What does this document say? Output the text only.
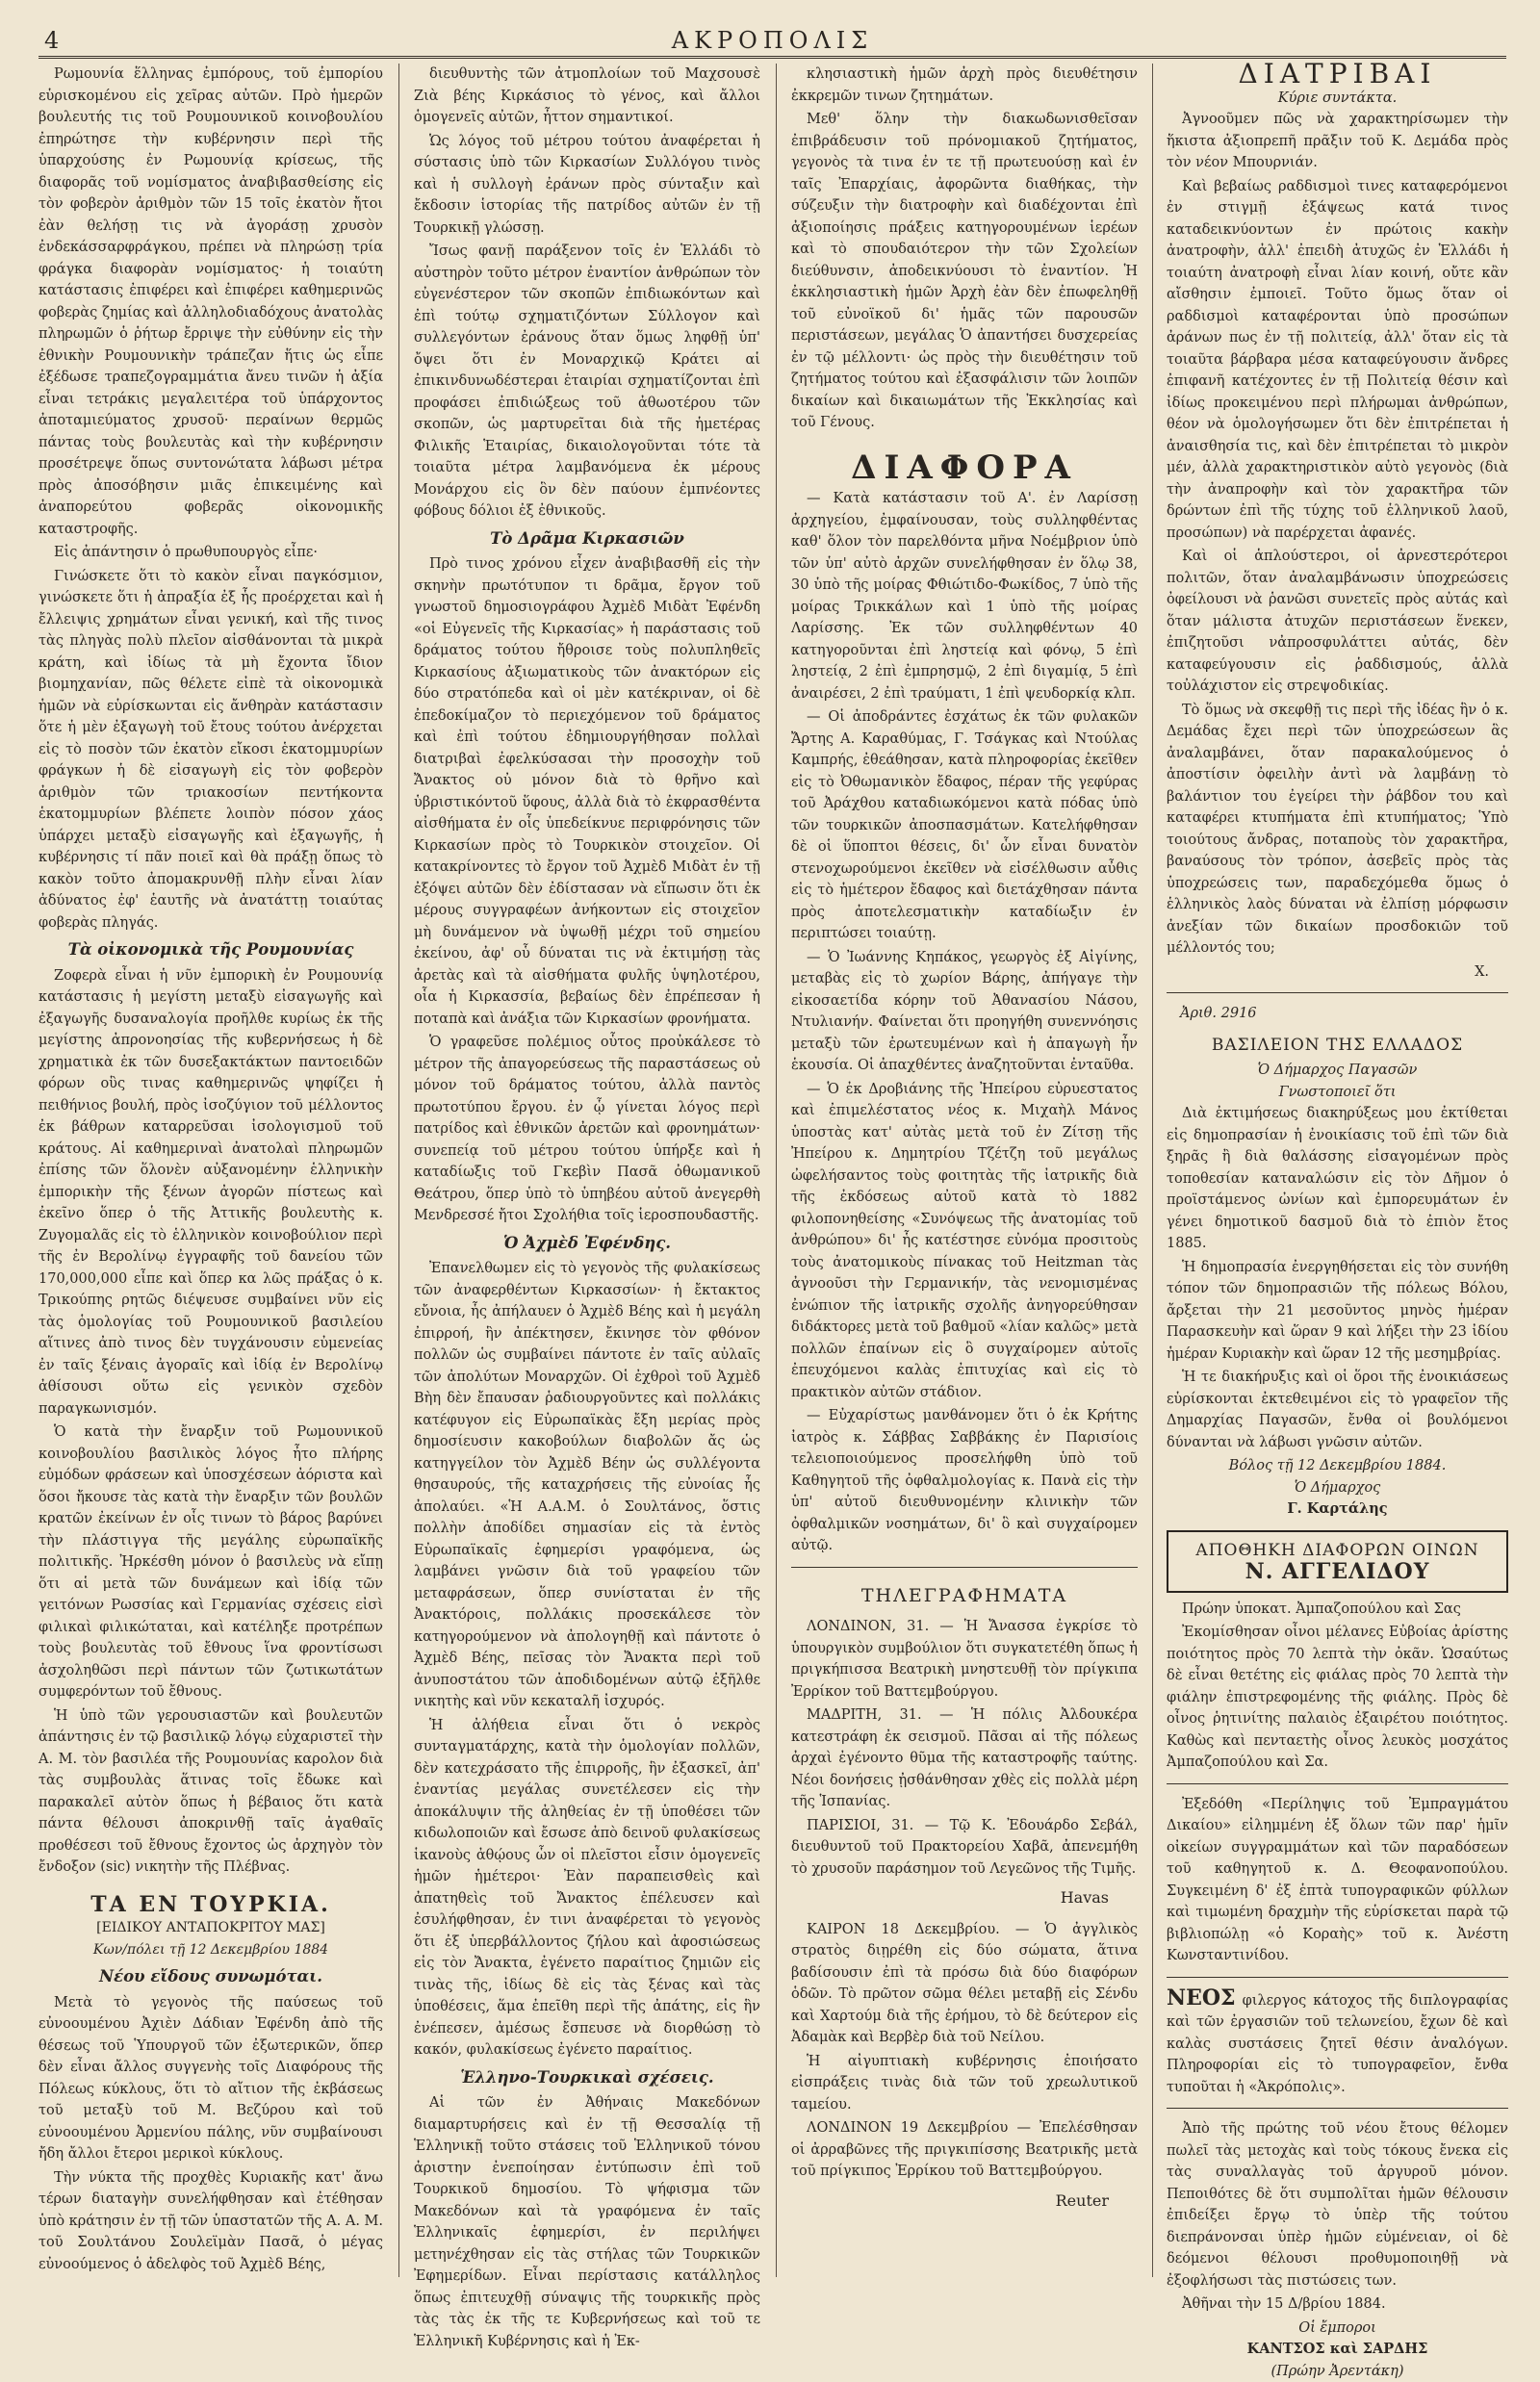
4	ΑΚΡΟΠΟΛΙΣ

Ρωμουνία ἕλληνας ἐμπόρους, τοῦ ἐμπορίου εὑρισκομένου εἰς χεῖρας αὐτῶν. Πρὸ ἡμερῶν βουλευτής τις τοῦ Ρουμουνικοῦ κοινοβουλίου ἐπηρώτησε τὴν κυβέρνησιν περὶ τῆς ὑπαρχούσης ἐν Ρωμουνίᾳ κρίσεως, τῆς διαφορᾶς τοῦ νομίσματος ἀναβιβασθείσης εἰς τὸν φοβερὸν ἀριθμὸν τῶν 15 τοῖς ἑκατὸν ἤτοι ἐὰν θελήσῃ τις νὰ ἀγοράσῃ χρυσὸν ἐνδεκάσσαρφράγκου, πρέπει νὰ πληρώσῃ τρία φράγκα διαφορὰν νομίσματος· ἡ τοιαύτη κατάστασις ἐπιφέρει καὶ ἐπιφέρει καθημερινῶς φοβερὰς ζημίας καὶ ἀλληλοδιαδόχους ἀνατολὰς πληρωμῶν ὁ ῥήτωρ ἔρριψε τὴν εὐθύνην εἰς τὴν ἐθνικὴν Ρουμουνικὴν τράπεζαν ἥτις ὡς εἶπε ἐξέδωσε τραπεζογραμμάτια ἄνευ τινῶν ἡ ἀξία εἶναι τετράκις μεγαλειτέρα τοῦ ὑπάρχοντος ἀποταμιεύματος χρυσοῦ· περαίνων θερμῶς πάντας τοὺς βουλευτὰς καὶ τὴν κυβέρνησιν προσέτρεψε ὅπως συντονώτατα λάβωσι μέτρα πρὸς ἀποσόβησιν μιᾶς ἐπικειμένης καὶ ἀναπορεύτου φοβερᾶς οἰκονομικῆς καταστροφῆς.

Εἰς ἀπάντησιν ὁ πρωθυπουργὸς εἶπε·

Γινώσκετε ὅτι τὸ κακὸν εἶναι παγκόσμιον, γινώσκετε ὅτι ἡ ἀπραξία ἐξ ἧς προέρχεται καὶ ἡ ἔλλειψις χρημάτων εἶναι γενική, καὶ τῆς τινος τὰς πληγὰς πολὺ πλεῖον αἰσθάνονται τὰ μικρὰ κράτη, καὶ ἰδίως τὰ μὴ ἔχοντα ἴδιον βιομηχανίαν, πῶς θέλετε εἰπὲ τὰ οἰκονομικὰ ἡμῶν νὰ εὑρίσκωνται εἰς ἄνθηρὰν κατάστασιν ὅτε ἡ μὲν ἐξαγωγὴ τοῦ ἔτους τούτου ἀνέρχεται εἰς τὸ ποσὸν τῶν ἑκατὸν εἴκοσι ἑκατομμυρίων φράγκων ἡ δὲ εἰσαγωγὴ εἰς τὸν φοβερὸν ἀριθμὸν τῶν τριακοσίων πεντήκοντα ἑκατομμυρίων βλέπετε λοιπὸν πόσον χάος ὑπάρχει μεταξὺ εἰσαγωγῆς καὶ ἐξαγωγῆς, ἡ κυβέρνησις τί πᾶν ποιεῖ καὶ θὰ πράξῃ ὅπως τὸ κακὸν τοῦτο ἀπομακρυνθῇ πλὴν εἶναι λίαν ἀδύνατος ἐφ' ἑαυτῆς νὰ ἀνατάττῃ τοιαύτας φοβερὰς πληγάς.

Τὰ οἰκονομικὰ τῆς Ρουμουνίας

Ζοφερὰ εἶναι ἡ νῦν ἐμπορικὴ ἐν Ρουμουνίᾳ κατάστασις ἡ μεγίστη μεταξὺ εἰσαγωγῆς καὶ ἐξαγωγῆς δυσαναλογία προῆλθε κυρίως ἐκ τῆς μεγίστης ἀπρονοησίας τῆς κυβερνήσεως ἡ δὲ χρηματικὰ ἐκ τῶν δυσεξακτάκτων παντοειδῶν φόρων οὓς τινας καθημερινῶς ψηφίζει ἡ πειθήνιος βουλή, πρὸς ἰσοζύγιον τοῦ μέλλοντος ἐκ βάθρων καταρρεῦσαι ἰσολογισμοῦ τοῦ κράτους. Αἱ καθημεριναὶ ἀνατολαὶ πληρωμῶν ἐπίσης τῶν ὅλονὲν αὐξανομένην ἑλληνικὴν ἐμπορικὴν τῆς ξένων ἀγορῶν πίστεως καὶ ἐκεῖνο ὅπερ ὁ τῆς Ἀττικῆς βουλευτὴς κ. Ζυγομαλᾶς εἰς τὸ ἑλληνικὸν κοινοβούλιον περὶ τῆς ἐν Βερολίνῳ ἐγγραφῆς τοῦ δανείου τῶν 170,000,000 εἶπε καὶ ὅπερ κα λῶς πράξας ὁ κ. Τρικούπης ρητῶς διέψευσε συμβαίνει νῦν εἰς τὰς ὁμολογίας τοῦ Ρουμουνικοῦ βασιλείου αἵτινες ἀπὸ τινος δὲν τυγχάνουσιν εὐμενείας ἐν ταῖς ξέναις ἀγοραῖς καὶ ἰδίᾳ ἐν Βερολίνῳ ἀθίσουσι οὕτω εἰς γενικὸν σχεδὸν παραγκωνισμόν.

Ὁ κατὰ τὴν ἔναρξιν τοῦ Ρωμουνικοῦ κοινοβουλίου βασιλικὸς λόγος ἦτο πλήρης εὐμόδων φράσεων καὶ ὑποσχέσεων ἀόριστα καὶ ὅσοι ἤκουσε τὰς κατὰ τὴν ἔναρξιν τῶν βουλῶν κρατῶν ἐκείνων ἐν οἷς τινων τὸ βάρος βαρύνει τὴν πλάστιγγα τῆς μεγάλης εὐρωπαϊκῆς πολιτικῆς. Ἠρκέσθη μόνον ὁ βασιλεὺς νὰ εἴπῃ ὅτι αἱ μετὰ τῶν δυνάμεων καὶ ἰδίᾳ τῶν γειτόνων Ρωσσίας καὶ Γερμανίας σχέσεις εἰσὶ φιλικαὶ φιλικώταται, καὶ κατέληξε προτρέπων τοὺς βουλευτὰς τοῦ ἔθνους ἵνα φροντίσωσι ἀσχοληθῶσι περὶ πάντων τῶν ζωτικωτάτων συμφερόντων τοῦ ἔθνους.

Ἡ ὑπὸ τῶν γερουσιαστῶν καὶ βουλευτῶν ἀπάντησις ἐν τῷ βασιλικῷ λόγῳ εὐχαριστεῖ τὴν Α. Μ. τὸν βασιλέα τῆς Ρουμουνίας καρολον διὰ τὰς συμβουλὰς ἅτινας τοῖς ἔδωκε καὶ παρακαλεῖ αὐτὸν ὅπως ἡ βέβαιος ὅτι κατὰ πάντα θέλουσι ἀποκρινθῇ ταῖς ἀγαθαῖς προθέσεσι τοῦ ἔθνους ἔχοντος ὡς ἀρχηγὸν τὸν ἔνδοξον (sic) νικητὴν τῆς Πλέβνας.

ΤΑ ΕΝ ΤΟΥΡΚΙΑ.
[ΕΙΔΙΚΟΥ ΑΝΤΑΠΟΚΡΙΤΟΥ ΜΑΣ]
Κων/πόλει τῇ 12 Δεκεμβρίου 1884
Νέου εἴδους συνωμόται.

Μετὰ τὸ γεγονὸς τῆς παύσεως τοῦ εὐνοουμένου Ἀχιὲν Δάδιαν Ἐφένδη ἀπὸ τῆς θέσεως τοῦ Ὑπουργοῦ τῶν ἐξωτερικῶν, ὅπερ δὲν εἶναι ἄλλος συγγενὴς τοῖς Διαφόρους τῆς Πόλεως κύκλους, ὅτι τὸ αἴτιον τῆς ἐκβάσεως τοῦ μεταξὺ τοῦ Μ. Βεζύρου καὶ τοῦ εὐνοουμένου Ἀρμενίου πάλης, νῦν συμβαίνουσι ἤδη ἄλλοι ἔτεροι μερικοὶ κύκλους.

Τὴν νύκτα τῆς προχθὲς Κυριακῆς κατ' ἄνω τέρων διαταγὴν συνελήφθησαν καὶ ἐτέθησαν ὑπὸ κράτησιν ἐν τῇ τῶν ὑπαστατῶν τῆς Α. Α. Μ. τοῦ Σουλτάνου Σουλεϊμὰν Πασᾶ, ὁ μέγας εὐνοούμενος ὁ ἀδελφὸς τοῦ Ἀχμὲδ Βέης,

διευθυντὴς τῶν ἀτμοπλοίων τοῦ Μαχσουσὲ Ζιὰ βέης Κιρκάσιος τὸ γένος, καὶ ἄλλοι ὁμογενεῖς αὐτῶν, ἧττον σημαντικοί.

Ὡς λόγος τοῦ μέτρου τούτου ἀναφέρεται ἡ σύστασις ὑπὸ τῶν Κιρκασίων Συλλόγου τινὸς καὶ ἡ συλλογὴ ἐράνων πρὸς σύνταξιν καὶ ἔκδοσιν ἱστορίας τῆς πατρίδος αὐτῶν ἐν τῇ Τουρκικῇ γλώσσῃ.

Ἴσως φανῇ παράξενον τοῖς ἐν Ἑλλάδι τὸ αὐστηρὸν τοῦτο μέτρον ἐναντίον ἀνθρώπων τὸν εὐγενέστερον τῶν σκοπῶν ἐπιδιωκόντων καὶ ἐπὶ τούτῳ σχηματιζόντων Σύλλογον καὶ συλλεγόντων ἐράνους ὅταν ὅμως ληφθῇ ὑπ' ὄψει ὅτι ἐν Μοναρχικῷ Κράτει αἱ ἐπικινδυνωδέστεραι ἑταιρίαι σχηματίζονται ἐπὶ προφάσει ἐπιδιώξεως τοῦ ἀθωοτέρου τῶν σκοπῶν, ὡς μαρτυρεῖται διὰ τῆς ἡμετέρας Φιλικῆς Ἑταιρίας, δικαιολογοῦνται τότε τὰ τοιαῦτα μέτρα λαμβανόμενα ἐκ μέρους Μονάρχου εἰς ὃν δὲν παύουν ἐμπνέοντες φόβους δόλιοι ἐξ ἐθνικοῦς.

Τὸ Δρᾶμα Κιρκασιῶν

Πρὸ τινος χρόνου εἶχεν ἀναβιβασθῆ εἰς τὴν σκηνὴν πρωτότυπον τι δρᾶμα, ἔργον τοῦ γνωστοῦ δημοσιογράφου Ἀχμὲδ Μιδὰτ Ἐφένδη «οἱ Εὐγενεῖς τῆς Κιρκασίας» ἡ παράστασις τοῦ δράματος τούτου ἤθροισε τοὺς πολυπληθεῖς Κιρκασίους ἀξιωματικοὺς τῶν ἀνακτόρων εἰς δύο στρατόπεδα καὶ οἱ μὲν κατέκριναν, οἱ δὲ ἐπεδοκίμαζον τὸ περιεχόμενον τοῦ δράματος καὶ ἐπὶ τούτου ἐδημιουργήθησαν πολλαὶ διατριβαὶ ἐφελκύσασαι τὴν προσοχὴν τοῦ Ἄνακτος οὐ μόνον διὰ τὸ θρῆνο καὶ ὑβριστικόντοῦ ὕφους, ἀλλὰ διὰ τὸ ἐκφρασθέντα αἰσθήματα ἐν οἷς ὑπεδείκνυε περιφρόνησις τῶν Κιρκασίων πρὸς τὸ Τουρκικὸν στοιχεῖον. Οἱ κατακρίνοντες τὸ ἔργον τοῦ Ἀχμὲδ Μιδὰτ ἐν τῇ ἐξόψει αὐτῶν δὲν ἐδίστασαν νὰ εἴπωσιν ὅτι ἐκ μέρους συγγραφέων ἀνήκοντων εἰς στοιχεῖον μὴ δυνάμενον νὰ ὑψωθῇ μέχρι τοῦ σημείου ἐκείνου, ἀφ' οὗ δύναται τις νὰ ἐκτιμήσῃ τὰς ἀρετὰς καὶ τὰ αἰσθήματα φυλῆς ὑψηλοτέρου, οἷα ἡ Κιρκασσία, βεβαίως δὲν ἐπρέπεσαν ἡ ποταπὰ καὶ ἀνάξια τῶν Κιρκασίων φρονήματα.

Ὁ γραφεῦσε πολέμιος οὗτος προὐκάλεσε τὸ μέτρον τῆς ἀπαγορεύσεως τῆς παραστάσεως οὐ μόνον τοῦ δράματος τούτου, ἀλλὰ παντὸς πρωτοτύπου ἔργου. ἐν ᾧ γίνεται λόγος περὶ πατρίδος καὶ ἐθνικῶν ἀρετῶν καὶ φρονημάτων· συνεπείᾳ τοῦ μέτρου τούτου ὑπήρξε καὶ ἡ καταδίωξις τοῦ Γκεβὶν Πασᾶ ὀθωμανικοῦ Θεάτρου, ὅπερ ὑπὸ τὸ ὑπηβέου αὐτοῦ ἀνεγερθὴ Μενδρεσσέ ἤτοι Σχολήθια τοῖς ἱεροσπουδαστῆς.

Ὁ Ἀχμὲδ Ἐφένδης.

Ἐπανελθωμεν εἰς τὸ γεγονὸς τῆς φυλακίσεως τῶν ἀναφερθέντων Κιρκασσίων· ἡ ἔκτακτος εὔνοια, ἧς ἀπήλαυεν ὁ Ἀχμὲδ Βέης καὶ ἡ μεγάλη ἐπιρροή, ἣν ἀπέκτησεν, ἔκινησε τὸν φθόνον πολλῶν ὡς συμβαίνει πάντοτε ἐν ταῖς αὐλαῖς τῶν ἀπολύτων Μοναρχῶν. Οἱ ἐχθροὶ τοῦ Ἀχμὲδ Βὴη δὲν ἔπαυσαν ῥαδιουργοῦντες καὶ πολλάκις κατέφυγον εἰς Εὐρωπαϊκὰς ἔξη μερίας πρὸς δημοσίευσιν κακοβούλων διαβολῶν ἄς ὡς κατηγγείλον τὸν Ἀχμὲδ Βέην ὡς συλλέγοντα θησαυρούς, τῆς καταχρήσεις τῆς εὐνοίας ἧς ἀπολαύει. «Ἡ Α.Α.Μ. ὁ Σουλτάνος, ὅστις πολλὴν ἀποδίδει σημασίαν εἰς τὰ ἐντὸς Εὐρωπαϊκαῖς ἐφημερίσι γραφόμενα, ὡς λαμβάνει γνῶσιν διὰ τοῦ γραφείου τῶν μεταφράσεων, ὅπερ συνίσταται ἐν τῆς Ἀνακτόροις, πολλάκις προσεκάλεσε τὸν κατηγορούμενον νὰ ἀπολογηθῇ καὶ πάντοτε ὁ Ἀχμὲδ Βέης, πεῖσας τὸν Ἄνακτα περὶ τοῦ ἀνυποστάτου τῶν ἀποδιδομένων αὐτῷ ἐξῆλθε νικητὴς καὶ νῦν κεκαταλῆ ἰσχυρός.

Ἡ ἀλήθεια εἶναι ὅτι ὁ νεκρὸς συνταγματάρχης, κατὰ τὴν ὁμολογίαν πολλῶν, δὲν κατεχράσατο τῆς ἐπιρροῆς, ἣν ἐξασκεῖ, ἀπ' ἐναντίας μεγάλας συνετέλεσεν εἰς τὴν ἀποκάλυψιν τῆς ἀληθείας ἐν τῇ ὑποθέσει τῶν κιδωλοποιῶν καὶ ἔσωσε ἀπὸ δεινοῦ φυλακίσεως ἱκανοὺς ἀθῴους ὧν οἱ πλεῖστοι εἶσιν ὁμογενεῖς ἡμῶν ἡμέτεροι· Ἐὰν παραπεισθεὶς καὶ ἀπατηθεὶς τοῦ Ἄνακτος ἐπέλευσεν καὶ ἐσυλήφθησαν, ἐν τινι ἀναφέρεται τὸ γεγονὸς ὅτι ἐξ ὑπερβάλλοντος ζήλου καὶ ἀφοσιώσεως εἰς τὸν Ἄνακτα, ἐγένετο παραίτιος ζημιῶν εἰς τινὰς τῆς, ἰδίως δὲ εἰς τὰς ξένας καὶ τὰς ὑποθέσεις, ἅμα ἐπεῖθη περὶ τῆς ἀπάτης, εἰς ἣν ἐνέπεσεν, ἀμέσως ἔσπευσε νὰ διορθώσῃ τὸ κακόν, φυλακίσεως ἐγένετο παραίτιος.

Ἑλληνο-Τουρκικαὶ σχέσεις.

Αἱ τῶν ἐν Ἀθήναις Μακεδόνων διαμαρτυρήσεις καὶ ἐν τῇ Θεσσαλίᾳ τῇ Ἑλληνικῇ τοῦτο στάσεις τοῦ Ἑλληνικοῦ τόνου ἀριστην ἐνεποίησαν ἐντύπωσιν ἐπὶ τοῦ Τουρκικοῦ δημοσίου. Τὸ ψήφισμα τῶν Μακεδόνων καὶ τὰ γραφόμενα ἐν ταῖς Ἑλληνικαῖς ἐφημερίσι, ἐν περιλήψει μετηνέχθησαν εἰς τὰς στήλας τῶν Τουρκικῶν Ἐφημερίδων. Εἶναι περίστασις κατάλληλος ὅπως ἐπιτευχθῇ σύναψις τῆς τουρκικῆς πρὸς τὰς τὰς ἐκ τῆς τε Κυβερνήσεως καὶ τοῦ τε Ἑλληνικῆ Κυβέρνησις καὶ ἡ Ἐκ-

κλησιαστικὴ ἡμῶν ἀρχὴ πρὸς διευθέτησιν ἐκκρεμῶν τινων ζητημάτων.

Μεθ' ὅλην τὴν διακωδωνισθεῖσαν ἐπιβράδευσιν τοῦ πρόνομιακοῦ ζητήματος, γεγονὸς τὰ τινα ἐν τε τῇ πρωτευούσῃ καὶ ἐν ταῖς Ἐπαρχίαις, ἀφορῶντα διαθήκας, τὴν σύζευξιν τὴν διατροφὴν καὶ διαδέχονται ἐπὶ ἀξιοποίησις πράξεις κατηγορουμένων ἱερέων καὶ τὸ σπουδαιότερον τὴν τῶν Σχολείων διεύθυνσιν, ἀποδεικνύουσι τὸ ἐναντίον. Ἡ ἐκκλησιαστικὴ ἡμῶν Ἀρχὴ ἐὰν δὲν ἐπωφεληθῇ τοῦ εὐνοϊκοῦ δι' ἡμᾶς τῶν παρουσῶν περιστάσεων, μεγάλας Ὁ ἀπαντήσει δυσχερείας ἐν τῷ μέλλοντι· ὡς πρὸς τὴν διευθέτησιν τοῦ ζητήματος τούτου καὶ ἐξασφάλισιν τῶν λοιπῶν δικαίων καὶ δικαιωμάτων τῆς Ἐκκλησίας καὶ τοῦ Γένους.

ΔΙΑΦΟΡΑ

— Κατὰ κατάστασιν τοῦ Α'. ἐν Λαρίσσῃ ἀρχηγείου, ἐμφαίνουσαν, τοὺς συλληφθέντας καθ' ὅλον τὸν παρελθόντα μῆνα Νοέμβριον ὑπὸ τῶν ὑπ' αὐτὸ ἀρχῶν συνελήφθησαν ἐν ὅλῳ 38, 30 ὑπὸ τῆς μοίρας Φθιώτιδο-Φωκίδος, 7 ὑπὸ τῆς μοίρας Τρικκάλων καὶ 1 ὑπὸ τῆς μοίρας Λαρίσσης. Ἐκ τῶν συλληφθέντων 40 κατηγοροῦνται ἐπὶ ληστείᾳ καὶ φόνῳ, 5 ἐπὶ ληστείᾳ, 2 ἐπὶ ἐμπρησμῷ, 2 ἐπὶ διγαμίᾳ, 5 ἐπὶ ἀναιρέσει, 2 ἐπὶ τραύματι, 1 ἐπὶ ψευδορκίᾳ κλπ.

— Οἱ ἀποδράντες ἐσχάτως ἐκ τῶν φυλακῶν Ἄρτης Α. Καραθύμας, Γ. Τσάγκας καὶ Ντούλας Καμπρής, ἐθεάθησαν, κατὰ πληροφορίας ἐκεῖθεν εἰς τὸ Ὀθωμανικὸν ἔδαφος, πέραν τῆς γεφύρας τοῦ Ἀράχθου καταδιωκόμενοι κατὰ πόδας ὑπὸ τῶν τουρκικῶν ἀποσπασμάτων. Κατελήφθησαν δὲ οἱ ὕποπτοι θέσεις, δι' ὧν εἶναι δυνατὸν στενοχωρούμενοι ἐκεῖθεν νὰ εἰσέλθωσιν αὖθις εἰς τὸ ἡμέτερον ἔδαφος καὶ διετάχθησαν πάντα πρὸς ἀποτελεσματικὴν καταδίωξιν ἐν περιπτώσει τοιαύτῃ.

— Ὁ Ἰωάννης Κηπάκος, γεωργὸς ἐξ Αἰγίνης, μεταβὰς εἰς τὸ χωρίον Βάρης, ἀπήγαγε τὴν εἰκοσαετίδα κόρην τοῦ Ἀθανασίου Νάσου, Ντυλιανήν. Φαίνεται ὅτι προηγήθη συνεννόησις μεταξὺ τῶν ἐρωτευμένων καὶ ἡ ἀπαγωγὴ ἦν ἑκουσία. Οἱ ἀπαχθέντες ἀναζητοῦνται ἐνταῦθα.

— Ὁ ἐκ Δροβιάνης τῆς Ἠπείρου εὐρυεστατος καὶ ἐπιμελέστατος νέος κ. Μιχαὴλ Μάνος ὑποστὰς κατ' αὐτὰς μετὰ τοῦ ἐν Ζίτσῃ τῆς Ἠπείρου κ. Δημητρίου Τζέτζη τοῦ μεγάλως ὠφελήσαντος τοὺς φοιτητὰς τῆς ἰατρικῆς διὰ τῆς ἐκδόσεως αὐτοῦ κατὰ τὸ 1882 φιλοπονηθείσης «Συνόψεως τῆς ἀνατομίας τοῦ ἀνθρώπου» δι' ἧς κατέστησε εὐνόμα προσιτοὺς τοὺς ἀνατομικοὺς πίνακας τοῦ Heitzman τὰς ἀγνοοῦσι τὴν Γερμανικήν, τὰς νενομισμένας ἐνώπιον τῆς ἰατρικῆς σχολῆς ἀνηγορεύθησαν διδάκτορες μετὰ τοῦ βαθμοῦ «λίαν καλῶς» μετὰ πολλῶν ἐπαίνων εἰς ὃ συγχαίρομεν αὐτοῖς ἐπευχόμενοι καλὰς ἐπιτυχίας καὶ εἰς τὸ πρακτικὸν αὐτῶν στάδιον.

— Εὐχαρίστως μανθάνομεν ὅτι ὁ ἐκ Κρήτης ἰατρὸς κ. Σάββας Σαββάκης ἐν Παρισίοις τελειοποιούμενος προσελήφθη ὑπὸ τοῦ Καθηγητοῦ τῆς ὀφθαλμολογίας κ. Πανὰ εἰς τὴν ὑπ' αὐτοῦ διευθυνομένην κλινικὴν τῶν ὀφθαλμικῶν νοσημάτων, δι' ὃ καὶ συγχαίρομεν αὐτῷ.

ΤΗΛΕΓΡΑΦΗΜΑΤΑ

ΛΟΝΔΙΝΟΝ, 31. — Ἡ Ἄνασσα ἐγκρίσε τὸ ὑπουργικὸν συμβούλιον ὅτι συγκατετέθη ὅπως ἡ πριγκήπισσα Βεατρικὴ μνηστευθῇ τὸν πρίγκιπα Ἐρρίκον τοῦ Βαττεμβούργου.

ΜΑΔΡΙΤΗ, 31. — Ἡ πόλις Ἀλδουκέρα κατεστράφη ἐκ σεισμοῦ. Πᾶσαι αἱ τῆς πόλεως ἀρχαὶ ἐγένοντο θῦμα τῆς καταστροφῆς ταύτης. Νέοι δονήσεις ᾐσθάνθησαν χθὲς εἰς πολλὰ μέρη τῆς Ἱσπανίας.

ΠΑΡΙΣΙΟΙ, 31. — Τῷ Κ. Ἐδουάρδο Σεβάλ, διευθυντοῦ τοῦ Πρακτορείου Χαβᾶ, ἀπενεμήθη τὸ χρυσοῦν παράσημον τοῦ Λεγεῶνος τῆς Τιμῆς.

Havas

ΚΑΙΡΟΝ 18 Δεκεμβρίου. — Ὁ ἀγγλικὸς στρατὸς διῃρέθη εἰς δύο σώματα, ἅτινα βαδίσουσιν ἐπὶ τὰ πρόσω διὰ δύο διαφόρων ὁδῶν. Τὸ πρῶτον σῶμα θέλει μεταβῇ εἰς Σένδυ καὶ Χαρτούμ διὰ τῆς ἐρήμου, τὸ δὲ δεύτερον εἰς Ἀδαμὰκ καὶ Βερβὲρ διὰ τοῦ Νείλου.

Ἡ αἰγυπτιακὴ κυβέρνησις ἐποιήσατο εἰσπράξεις τινὰς διὰ τῶν τοῦ χρεωλυτικοῦ ταμείου.

ΛΟΝΔΙΝΟΝ 19 Δεκεμβρίου — Ἐπελέσθησαν οἱ ἀρραβῶνες τῆς πριγκιπίσσης Βεατρικῆς μετὰ τοῦ πρίγκιπος Ἐρρίκου τοῦ Βαττεμβούργου.

Reuter
ΔΙΑΤΡΙΒΑΙ
Κύριε συντάκτα.

Ἀγνοοῦμεν πῶς νὰ χαρακτηρίσωμεν τὴν ἥκιστα ἀξιοπρεπῆ πρᾶξιν τοῦ Κ. Δεμάδα πρὸς τὸν νέον Μπουρνιάν.

Καὶ βεβαίως ραδδισμοὶ τινες καταφερόμενοι ἐν στιγμῇ ἐξάψεως κατά τινος καταδεικνύοντων ἐν πρώτοις κακὴν ἀνατροφὴν, ἀλλ' ἐπειδὴ ἀτυχῶς ἐν Ἑλλάδι ἡ τοιαύτη ἀνατροφὴ εἶναι λίαν κοινή, οὔτε κἂν αἴσθησιν ἐμποιεῖ. Τοῦτο ὅμως ὅταν οἱ ραδδισμοὶ καταφέρονται ὑπὸ προσώπων ἀράνων πως ἐν τῇ πολιτείᾳ, ἀλλ' ὅταν εἰς τὰ τοιαῦτα βάρβαρα μέσα καταφεύγουσιν ἄνδρες ἐπιφανῆ κατέχοντες ἐν τῇ Πολιτείᾳ θέσιν καὶ ἰδίως προκειμένου περὶ πλήρωμαι ἀνθρώπων, θέον νὰ ὁμολογήσωμεν ὅτι δὲν ἐπιτρέπεται ἡ ἀναισθησία τις, καὶ δὲν ἐπιτρέπεται τὸ μικρὸν μέν, ἀλλὰ χαρακτηριστικὸν αὐτὸ γεγονὸς (διὰ τὴν ἀναπροφὴν καὶ τὸν χαρακτῆρα τῶν δρώντων ἐπὶ τῆς τύχης τοῦ ἑλληνικοῦ λαοῦ, προσώπων) νὰ παρέρχεται ἀφανές.

Καὶ οἱ ἁπλούστεροι, οἱ ἀρνεστερότεροι πολιτῶν, ὅταν ἀναλαμβάνωσιν ὑποχρεώσεις ὀφείλουσι νὰ ῥανῶσι συνετεῖς πρὸς αὐτάς καὶ ὅταν μάλιστα ἀτυχῶν περιστάσεων ἕνεκεν, ἐπιζητοῦσι νἀπροσφυλάττει αὐτάς, δὲν καταφεύγουσιν εἰς ῥαδδισμούς, ἀλλὰ τοὐλάχιστον εἰς στρεψοδικίας.

Τὸ ὅμως νὰ σκεφθῇ τις περὶ τῆς ἰδέας ἣν ὁ κ. Δεμάδας ἔχει περὶ τῶν ὑποχρεώσεων ἃς ἀναλαμβάνει, ὅταν παρακαλούμενος ὁ ἀποστίσιν ὀφειλὴν ἀντὶ νὰ λαμβάνῃ τὸ βαλάντιον του ἐγείρει τὴν ῥάβδον του καὶ καταφέρει κτυπήματα ἐπὶ κτυπήματος; Ὑπὸ τοιούτους ἄνδρας, ποταποὺς τὸν χαρακτῆρα, βαναύσους τὸν τρόπον, ἀσεβεῖς πρὸς τὰς ὑποχρεώσεις των, παραδεχόμεθα ὅμως ὁ ἑλληνικὸς λαὸς δύναται νὰ ἐλπίσῃ μόρφωσιν ἀνεξίαν τῶν δικαίων προσδοκιῶν τοῦ μέλλοντός του;

Χ.
Ἀριθ. 2916
ΒΑΣΙΛΕΙΟΝ ΤΗΣ ΕΛΛΑΔΟΣ
Ὁ Δήμαρχος Παγασῶν
Γνωστοποιεῖ ὅτι

Διὰ ἐκτιμήσεως διακηρύξεως μου ἐκτίθεται εἰς δημοπρασίαν ἡ ἐνοικίασις τοῦ ἐπὶ τῶν διὰ ξηρᾶς ἢ διὰ θαλάσσης εἰσαγομένων πρὸς τοποθεσίαν καταναλώσιν εἰς τὸν Δῆμον ὁ προϊστάμενος ὠνίων καὶ ἐμπορευμάτων ἐν γένει δημοτικοῦ δασμοῦ διὰ τὸ ἐπιὸν ἔτος 1885.

Ἡ δημοπρασία ἐνεργηθήσεται εἰς τὸν συνήθη τόπον τῶν δημοπρασιῶν τῆς πόλεως Βόλου, ἄρξεται τὴν 21 μεσοῦντος μηνὸς ἡμέραν Παρασκευὴν καὶ ὥραν 9 καὶ λήξει τὴν 23 ἰδίου ἡμέραν Κυριακὴν καὶ ὥραν 12 τῆς μεσημβρίας.

Ἡ τε διακήρυξις καὶ οἱ ὅροι τῆς ἐνοικιάσεως εὑρίσκονται ἐκτεθειμένοι εἰς τὸ γραφεῖον τῆς Δημαρχίας Παγασῶν, ἔνθα οἱ βουλόμενοι δύνανται νὰ λάβωσι γνῶσιν αὐτῶν.

Βόλος τῇ 12 Δεκεμβρίου 1884.
Ὁ Δήμαρχος
Γ. Καρτάλης
ΑΠΟΘΗΚΗ ΔΙΑΦΟΡΩΝ ΟΙΝΩΝ
Ν. ΑΓΓΕΛΙΔΟΥ

Πρώην ὑποκατ. Ἀμπαζοπούλου καὶ Σας

Ἐκομίσθησαν οἶνοι μέλανες Εὐβοίας ἀρίστης ποιότητος πρὸς 70 λεπτὰ τὴν ὀκᾶν. Ὡσαύτως δὲ εἶναι θετέτης εἰς φιάλας πρὸς 70 λεπτὰ τὴν φιάλην ἐπιστρεφομένης τῆς φιάλης. Πρὸς δὲ οἶνος ῥητινίτης παλαιὸς ἐξαιρέτου ποιότητος. Καθὼς καὶ πενταετὴς οἶνος λευκὸς μοσχάτος Ἀμπαζοπούλου καὶ Σα.

Ἐξεδόθη «Περίληψις τοῦ Ἐμπραγμάτου Δικαίου» εἰλημμένη ἐξ ὅλων τῶν παρ' ἡμῖν οἰκείων συγγραμμάτων καὶ τῶν παραδόσεων τοῦ καθηγητοῦ κ. Δ. Θεοφανοπούλου. Συγκειμένη δ' ἐξ ἑπτὰ τυπογραφικῶν φύλλων καὶ τιμωμένη δραχμὴν τῆς εὑρίσκεται παρὰ τῷ βιβλιοπώλῃ «ὁ Κοραὴς» τοῦ κ. Ἀνέστη Κωνσταντινίδου.

ΝΕΟΣ φιλεργος κάτοχος τῆς διπλογραφίας καὶ τῶν ἐργασιῶν τοῦ τελωνείου, ἔχων δὲ καὶ καλὰς συστάσεις ζητεῖ θέσιν ἀναλόγων. Πληροφορίαι εἰς τὸ τυπογραφεῖον, ἔνθα τυποῦται ἡ «Ἀκρόπολις».

Ἀπὸ τῆς πρώτης τοῦ νέου ἔτους θέλομεν πωλεῖ τὰς μετοχὰς καὶ τοὺς τόκους ἔνεκα εἰς τὰς συναλλαγὰς τοῦ ἀργυροῦ μόνον. Πεποιθότες δὲ ὅτι συμπολῖται ἡμῶν θέλουσιν ἐπιδείξει ἔργῳ τὸ ὑπὲρ τῆς τούτου διεπράνονσαι ὑπὲρ ἡμῶν εὐμένειαν, οἱ δὲ δεόμενοι θέλουσι προθυμοποιηθῇ νὰ ἐξοφλήσωσι τὰς πιστώσεις των.

Ἀθῆναι τὴν 15 Δ/βρίου 1884.

Οἱ ἔμποροι
ΚΑΝΤΣΟΣ καὶ ΣΑΡΔΗΣ
(Πρώην Ἀρεντάκη)
